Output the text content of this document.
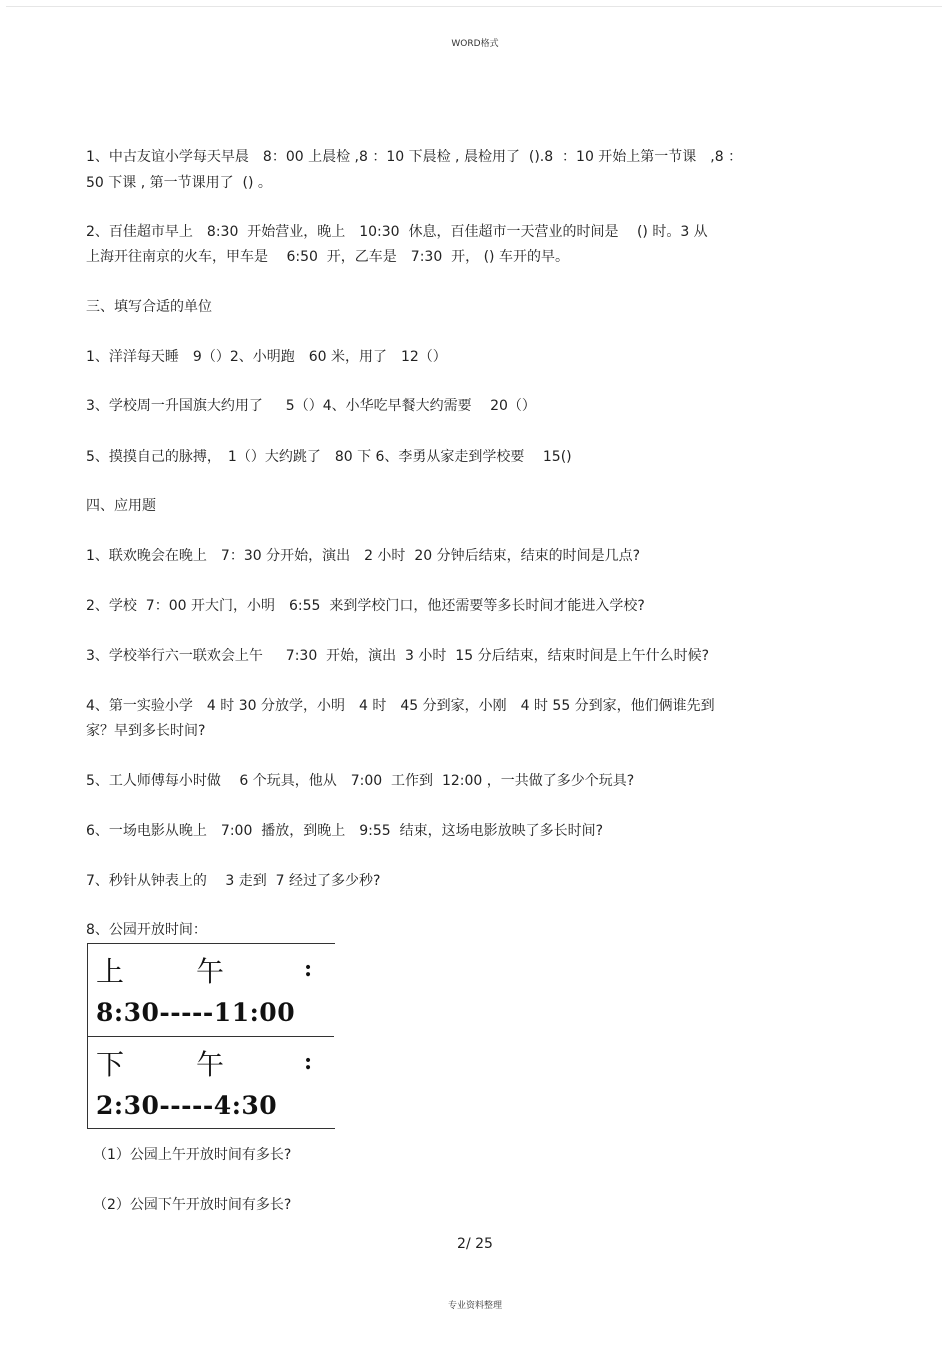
WORD格式
1、中古友谊小学每天早晨　8：00 上晨检 ,8 ：10 下晨检 , 晨检用了  ().8  ：10 开始上第一节课　,8 ：
50 下课 , 第一节课用了  () 。
2、百佳超市早上　8:30  开始营业，晚上　10:30  休息，百佳超市一天营业的时间是　 () 时。3 从
上海开往南京的火车，甲车是　 6:50  开，乙车是　7:30  开， () 车开的早。
三、填写合适的单位
1、洋洋每天睡　9（）2、小明跑　60 米，用了　12（）
3、学校周一升国旗大约用了　  5（）4、小华吃早餐大约需要　 20（）
5、摸摸自己的脉搏，　1（）大约跳了　80 下 6、李勇从家走到学校要　 15()
四、应用题
1、联欢晚会在晚上　7：30 分开始，演出　2 小时  20 分钟后结束，结束的时间是几点?
2、学校  7：00 开大门，小明　6:55  来到学校门口，他还需要等多长时间才能进入学校?
3、学校举行六一联欢会上午　  7:30  开始，演出  3 小时  15 分后结束，结束时间是上午什么时候?
4、第一实验小学　4 时 30 分放学，小明　4 时　45 分到家，小刚　4 时 55 分到家，他们俩谁先到
家？早到多长时间?
5、工人师傅每小时做　 6 个玩具，他从　7:00  工作到  12:00 ，一共做了多少个玩具?
6、一场电影从晚上　7:00  播放，到晚上　9:55  结束，这场电影放映了多长时间?
7、秒针从钟表上的　 3 走到  7 经过了多少秒?
8、公园开放时间：
上	午	:
8:30-----11:00
下	午	:
2:30-----4:30
（1）公园上午开放时间有多长?
（2）公园下午开放时间有多长?
2/ 25
专业资料整理
